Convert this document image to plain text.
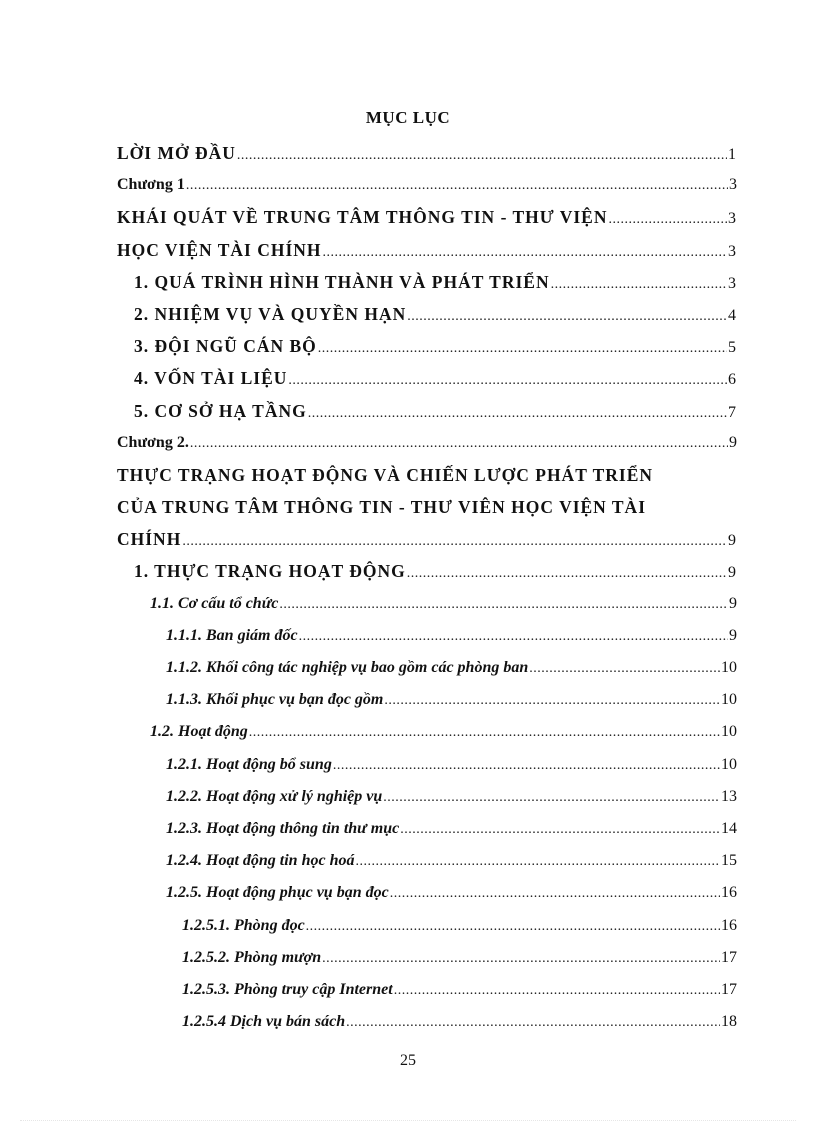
MỤC LỤC
LỜI MỞ ĐẦU .....	1
Chương 1 .....	3
KHÁI QUÁT VỀ TRUNG TÂM THÔNG TIN - THƯ VIỆN .....	3
HỌC VIỆN TÀI CHÍNH .....	3
1. QUÁ TRÌNH HÌNH THÀNH VÀ PHÁT TRIỂN .....	3
2. NHIỆM VỤ VÀ QUYỀN HẠN .....	4
3. ĐỘI NGŨ CÁN BỘ .....	5
4. VỐN TÀI LIỆU .....	6
5. CƠ SỞ HẠ TẦNG .....	7
Chương 2. .....	9
THỰC TRẠNG HOẠT ĐỘNG VÀ CHIẾN LƯỢC PHÁT TRIỂN
CỦA TRUNG TÂM THÔNG TIN - THƯ VIÊN HỌC VIỆN TÀI
CHÍNH .....	9
1. THỰC TRẠNG HOẠT ĐỘNG .....	9
1.1. Cơ cấu tổ chức .....	9
1.1.1. Ban giám đốc .....	9
1.1.2. Khối công tác nghiệp vụ bao gồm các phòng ban .....	10
1.1.3. Khối phục vụ bạn đọc gồm .....	10
1.2. Hoạt động .....	10
1.2.1. Hoạt động bổ sung .....	10
1.2.2. Hoạt động xử lý nghiệp vụ .....	13
1.2.3. Hoạt động thông tin thư mục .....	14
1.2.4. Hoạt động tin học hoá .....	15
1.2.5. Hoạt động phục vụ bạn đọc .....	16
1.2.5.1. Phòng đọc .....	16
1.2.5.2. Phòng mượn .....	17
1.2.5.3. Phòng truy cập Internet .....	17
1.2.5.4 Dịch vụ bán sách .....	18
25
